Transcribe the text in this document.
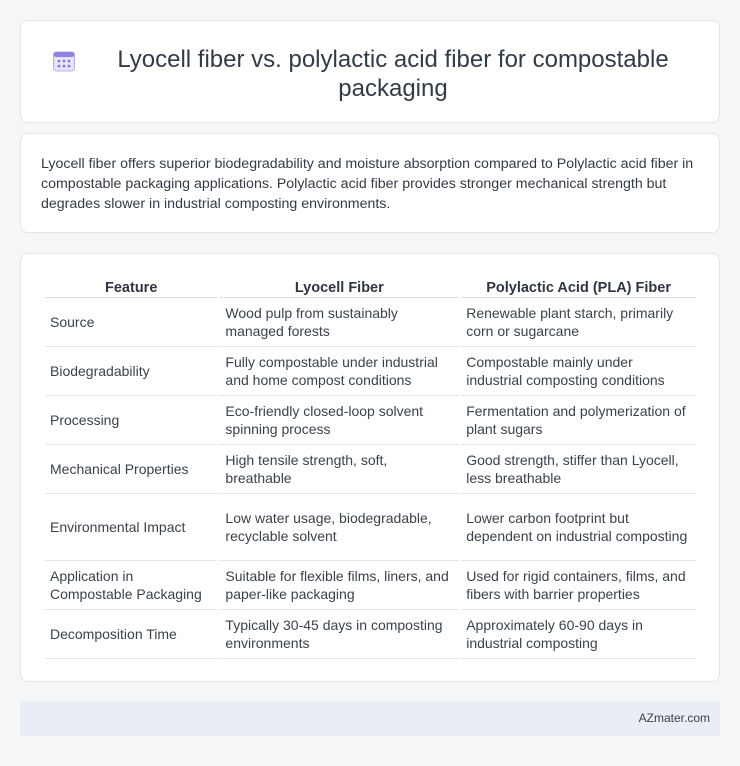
Lyocell fiber vs. polylactic acid fiber for compostable packaging

Lyocell fiber offers superior biodegradability and moisture absorption compared to Polylactic acid fiber in compostable packaging applications. Polylactic acid fiber provides stronger mechanical strength but degrades slower in industrial composting environments.

Feature	Lyocell Fiber	Polylactic Acid (PLA) Fiber
Source	Wood pulp from sustainably managed forests	Renewable plant starch, primarily corn or sugarcane
Biodegradability	Fully compostable under industrial and home compost conditions	Compostable mainly under industrial composting conditions
Processing	Eco-friendly closed-loop solvent spinning process	Fermentation and polymerization of plant sugars
Mechanical Properties	High tensile strength, soft, breathable	Good strength, stiffer than Lyocell, less breathable
Environmental Impact	Low water usage, biodegradable, recyclable solvent	Lower carbon footprint but dependent on industrial composting
Application in Compostable Packaging	Suitable for flexible films, liners, and paper-like packaging	Used for rigid containers, films, and fibers with barrier properties
Decomposition Time	Typically 30-45 days in composting environments	Approximately 60-90 days in industrial composting
AZmater.com
